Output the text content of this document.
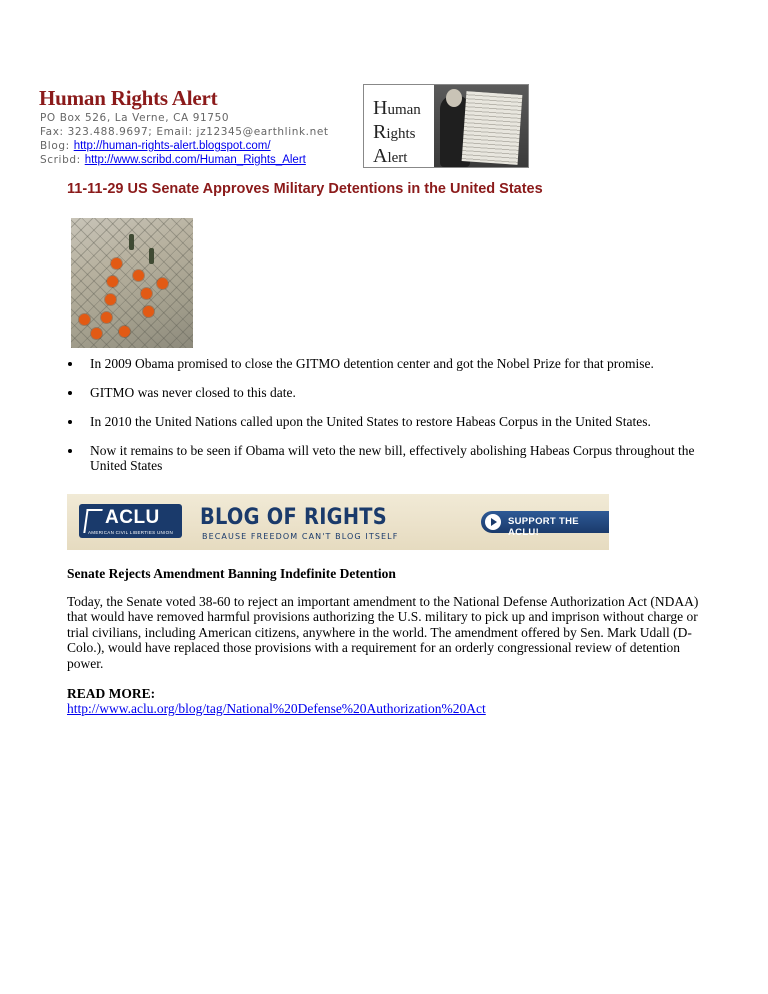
Human Rights Alert
PO Box 526, La Verne, CA 91750
Fax: 323.488.9697; Email: jz12345@earthlink.net
Blog: http://human-rights-alert.blogspot.com/
Scribd: http://www.scribd.com/Human_Rights_Alert
Human
Rights
Alert
11-11-29 US Senate Approves Military Detentions in the United States
In 2009 Obama promised to close the GITMO detention center and got the Nobel Prize for that promise.
GITMO was never closed to this date.
In 2010 the United Nations called upon the United States to restore Habeas Corpus in the United States.
Now it remains to be seen if Obama will veto the new bill, effectively abolishing Habeas Corpus throughout the United States
ACLU
AMERICAN CIVIL LIBERTIES UNION
BLOG OF RIGHTS
BECAUSE FREEDOM CAN'T BLOG ITSELF
SUPPORT THE ACLU!
Senate Rejects Amendment Banning Indefinite Detention

Today, the Senate voted 38-60 to reject an important amendment to the National Defense Authorization Act (NDAA) that would have removed harmful provisions authorizing the U.S. military to pick up and imprison without charge or trial civilians, including American citizens, anywhere in the world. The amendment offered by Sen. Mark Udall (D-Colo.), would have replaced those provisions with a requirement for an orderly congressional review of detention power.

READ MORE:

http://www.aclu.org/blog/tag/National%20Defense%20Authorization%20Act
